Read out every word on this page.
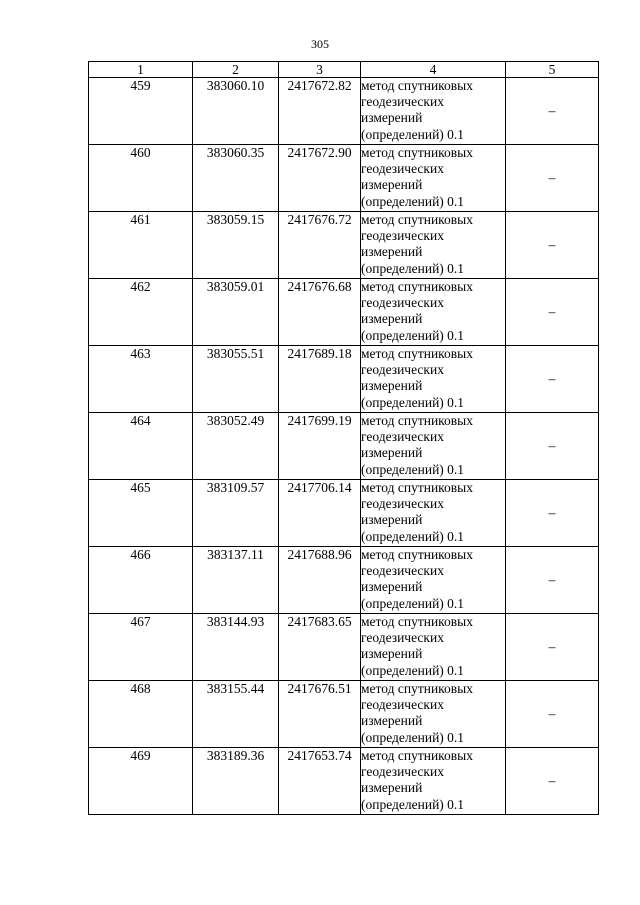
305
1	2	3	4	5
459	383060.10	2417672.82	метод спутниковых
геодезических
измерений
(определений) 0.1	–
460	383060.35	2417672.90	метод спутниковых
геодезических
измерений
(определений) 0.1	–
461	383059.15	2417676.72	метод спутниковых
геодезических
измерений
(определений) 0.1	–
462	383059.01	2417676.68	метод спутниковых
геодезических
измерений
(определений) 0.1	–
463	383055.51	2417689.18	метод спутниковых
геодезических
измерений
(определений) 0.1	–
464	383052.49	2417699.19	метод спутниковых
геодезических
измерений
(определений) 0.1	–
465	383109.57	2417706.14	метод спутниковых
геодезических
измерений
(определений) 0.1	–
466	383137.11	2417688.96	метод спутниковых
геодезических
измерений
(определений) 0.1	–
467	383144.93	2417683.65	метод спутниковых
геодезических
измерений
(определений) 0.1	–
468	383155.44	2417676.51	метод спутниковых
геодезических
измерений
(определений) 0.1	–
469	383189.36	2417653.74	метод спутниковых
геодезических
измерений
(определений) 0.1	–
